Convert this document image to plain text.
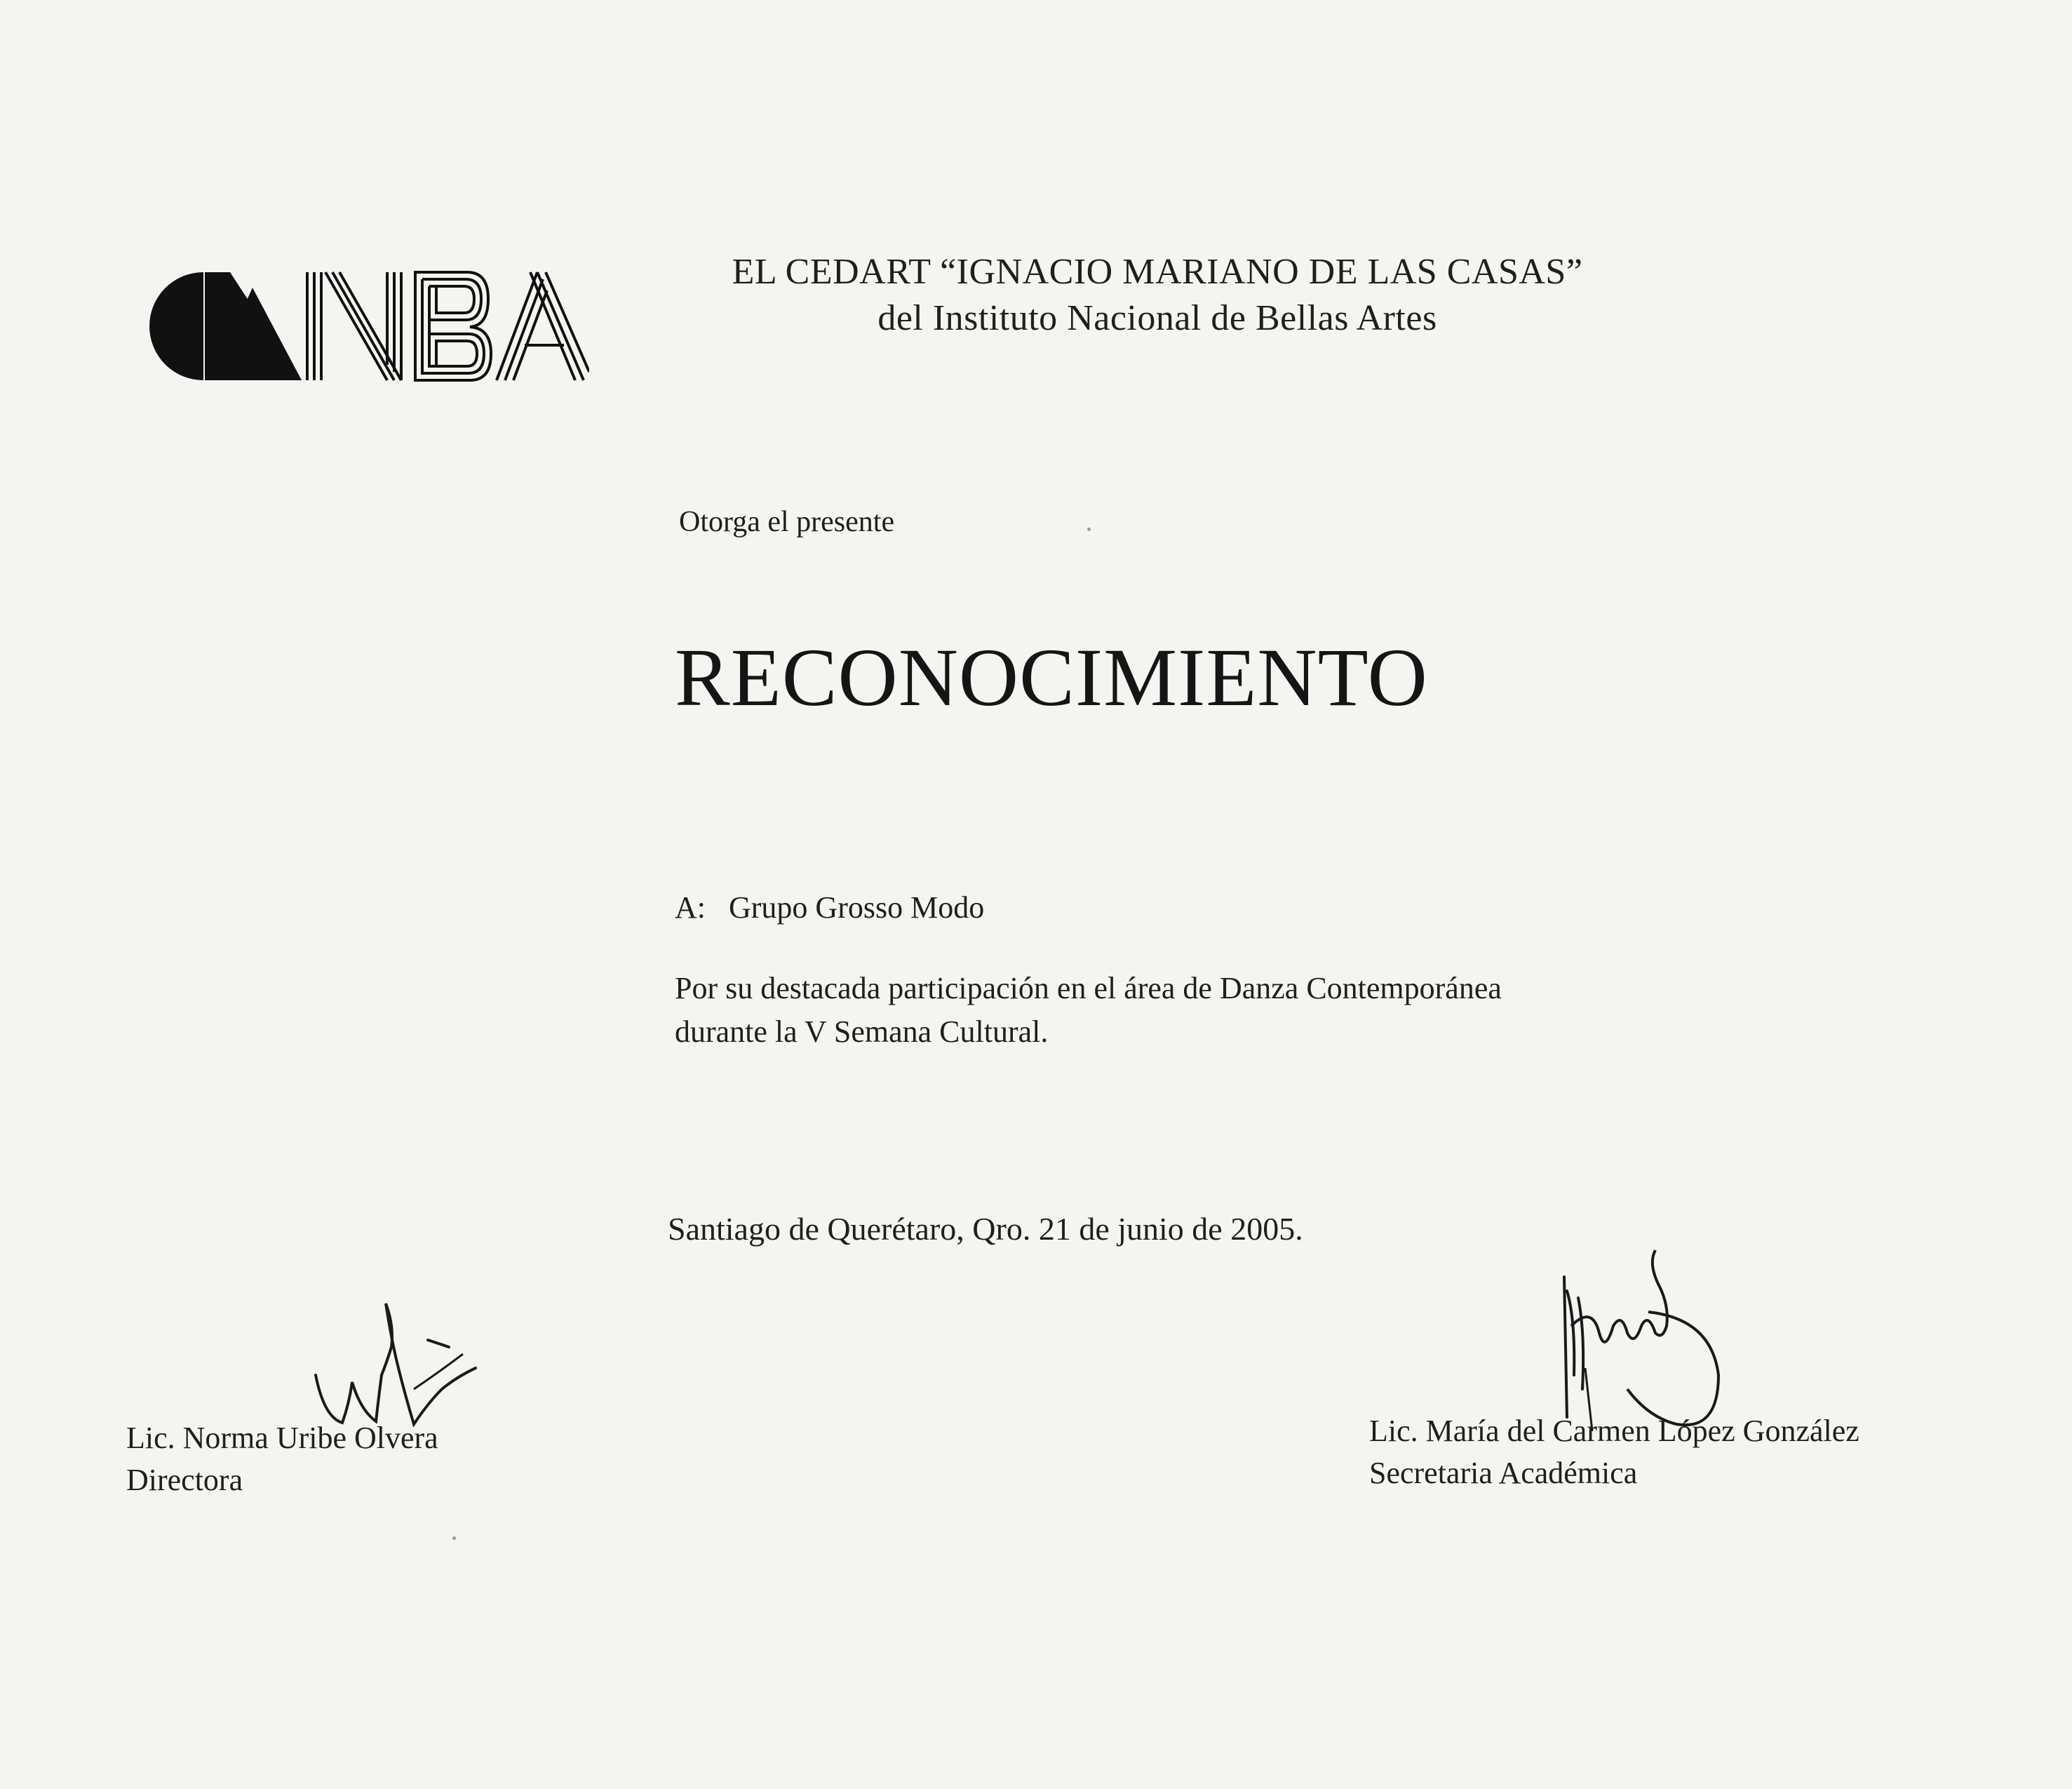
EL CEDART “IGNACIO MARIANO DE LAS CASAS”
del Instituto Nacional de Bellas Artes
Otorga el presente
RECONOCIMIENTO
A: Grupo Grosso Modo
Por su destacada participación en el área de Danza Contemporánea
durante la V Semana Cultural.
Santiago de Querétaro, Qro. 21 de junio de 2005.
Lic. Norma Uribe Olvera
Directora
Lic. María del Carmen López González
Secretaria Académica
